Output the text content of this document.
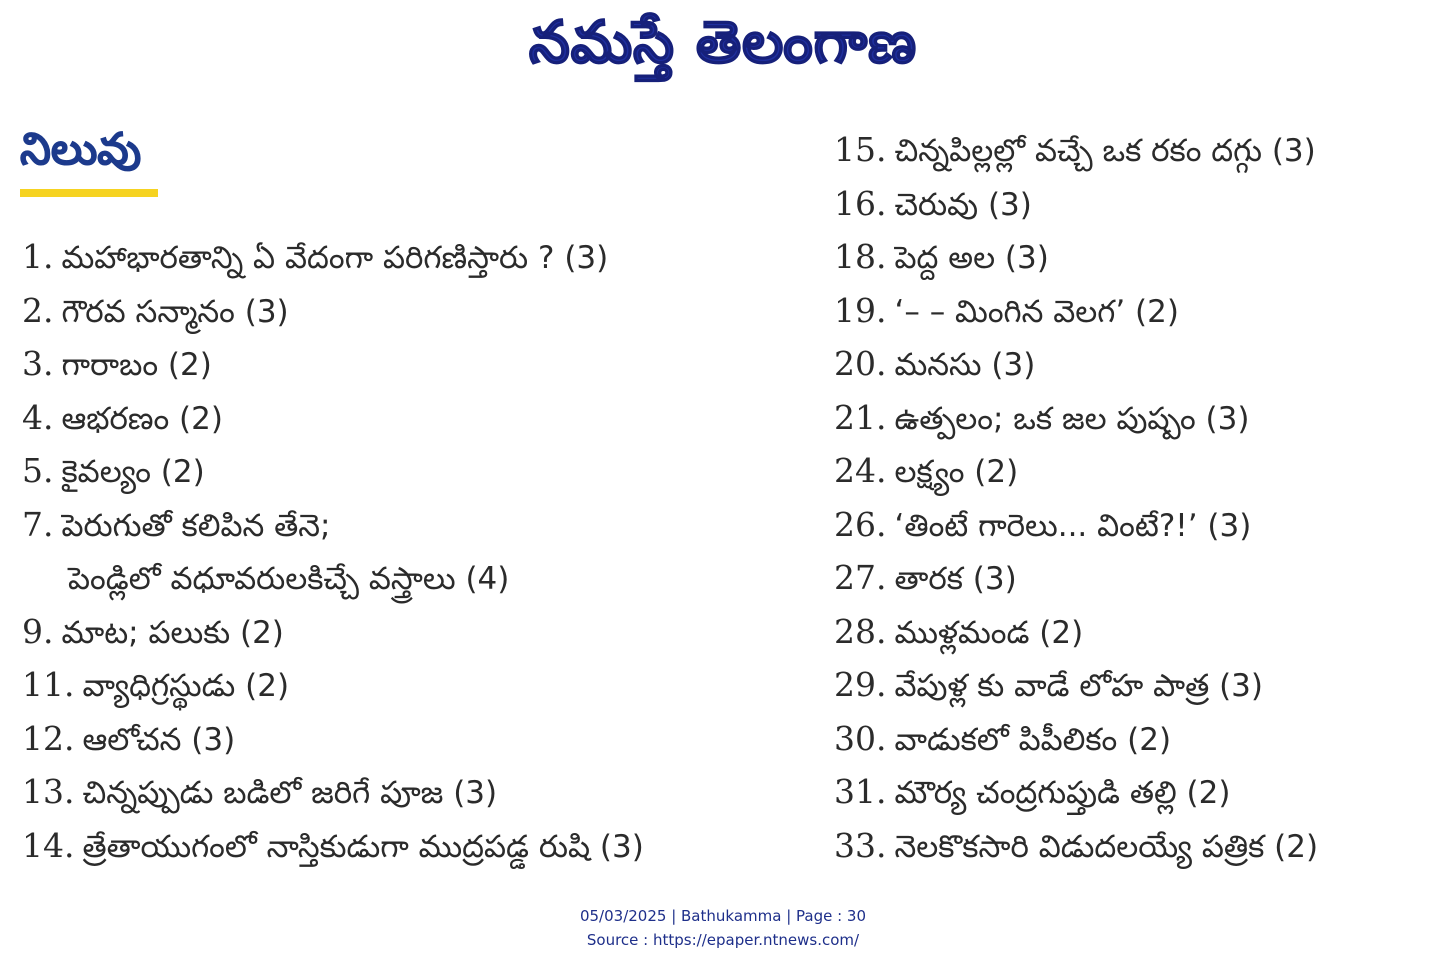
నమస్తే తెలంగాణ
నిలువు
1. మహాభారతాన్ని ఏ వేదంగా పరిగణిస్తారు ? (3)
2. గౌరవ సన్మానం (3)
3. గారాబం (2)
4. ఆభరణం (2)
5. కైవల్యం (2)
7. పెరుగుతో కలిపిన తేనె;
పెండ్లిలో వధూవరులకిచ్చే వస్త్రాలు (4)
9. మాట; పలుకు (2)
11. వ్యాధిగ్రస్థుడు (2)
12. ఆలోచన (3)
13. చిన్నప్పుడు బడిలో జరిగే పూజ (3)
14. త్రేతాయుగంలో నాస్తికుడుగా ముద్రపడ్డ రుషి (3)
15. చిన్నపిల్లల్లో వచ్చే ఒక రకం దగ్గు (3)
16. చెరువు (3)
18. పెద్ద అల (3)
19. ‘– – మింగిన వెలగ’ (2)
20. మనసు (3)
21. ఉత్పలం; ఒక జల పుష్పం (3)
24. లక్ష్యం (2)
26. ‘తింటే గారెలు... వింటే?!’ (3)
27. తారక (3)
28. ముళ్లమండ (2)
29. వేపుళ్ల కు వాడే లోహ పాత్ర (3)
30. వాడుకలో పిపీలికం (2)
31. మౌర్య చంద్రగుప్తుడి తల్లి (2)
33. నెలకొకసారి విడుదలయ్యే పత్రిక (2)
05/03/2025 | Bathukamma | Page : 30
Source : https://epaper.ntnews.com/
